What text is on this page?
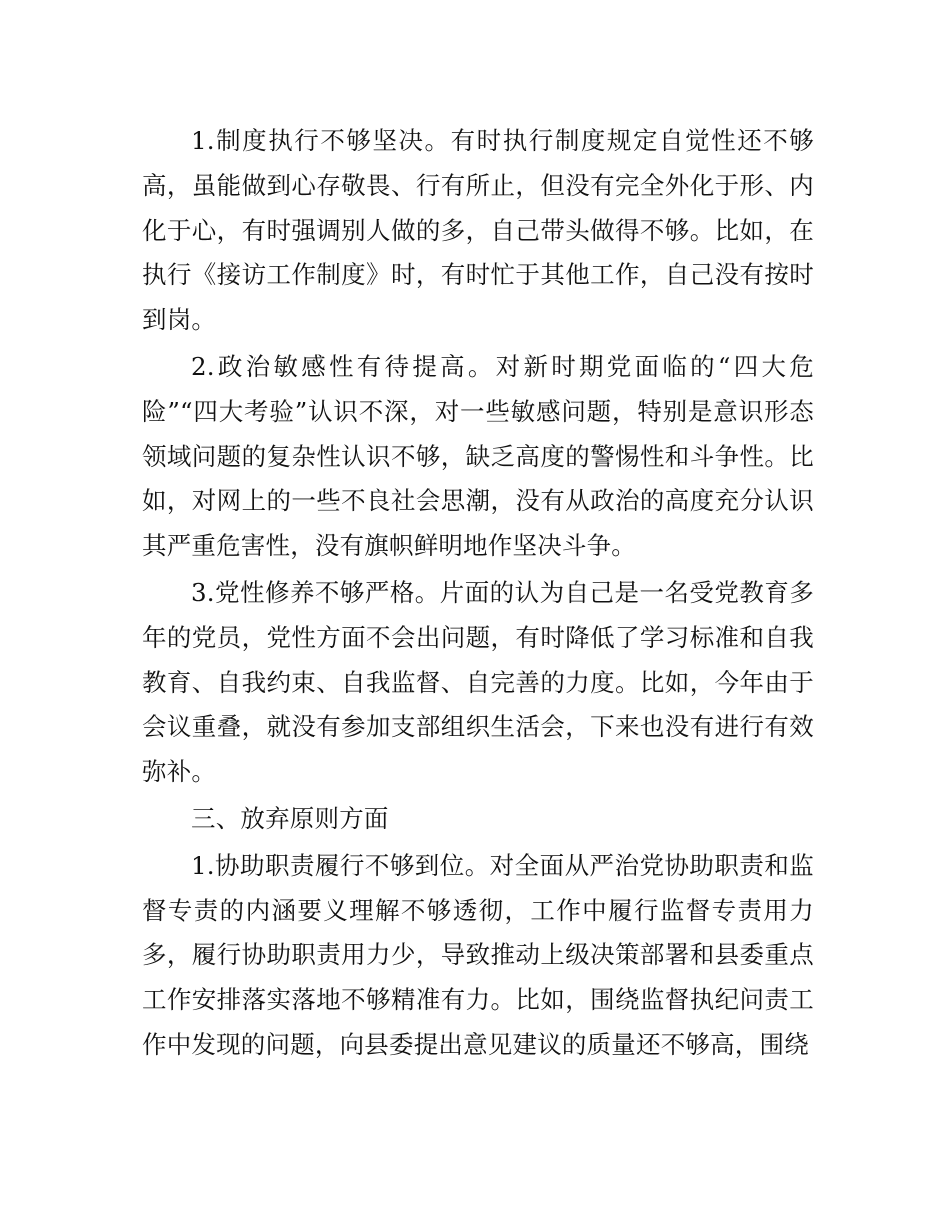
1.制度执行不够坚决。有时执行制度规定自觉性还不够高，虽能做到心存敬畏、行有所止，但没有完全外化于形、内化于心，有时强调别人做的多，自己带头做得不够。比如，在执行《接访工作制度》时，有时忙于其他工作，自己没有按时到岗。

2.政治敏感性有待提高。对新时期党面临的“四大危险”“四大考验”认识不深，对一些敏感问题，特别是意识形态领域问题的复杂性认识不够，缺乏高度的警惕性和斗争性。比如，对网上的一些不良社会思潮，没有从政治的高度充分认识其严重危害性，没有旗帜鲜明地作坚决斗争。

3.党性修养不够严格。片面的认为自己是一名受党教育多年的党员，党性方面不会出问题，有时降低了学习标准和自我教育、自我约束、自我监督、自完善的力度。比如，今年由于会议重叠，就没有参加支部组织生活会，下来也没有进行有效弥补。

三、放弃原则方面

1.协助职责履行不够到位。对全面从严治党协助职责和监督专责的内涵要义理解不够透彻，工作中履行监督专责用力多，履行协助职责用力少，导致推动上级决策部署和县委重点工作安排落实落地不够精准有力。比如，围绕监督执纪问责工作中发现的问题，向县委提出意见建议的质量还不够高，围绕
